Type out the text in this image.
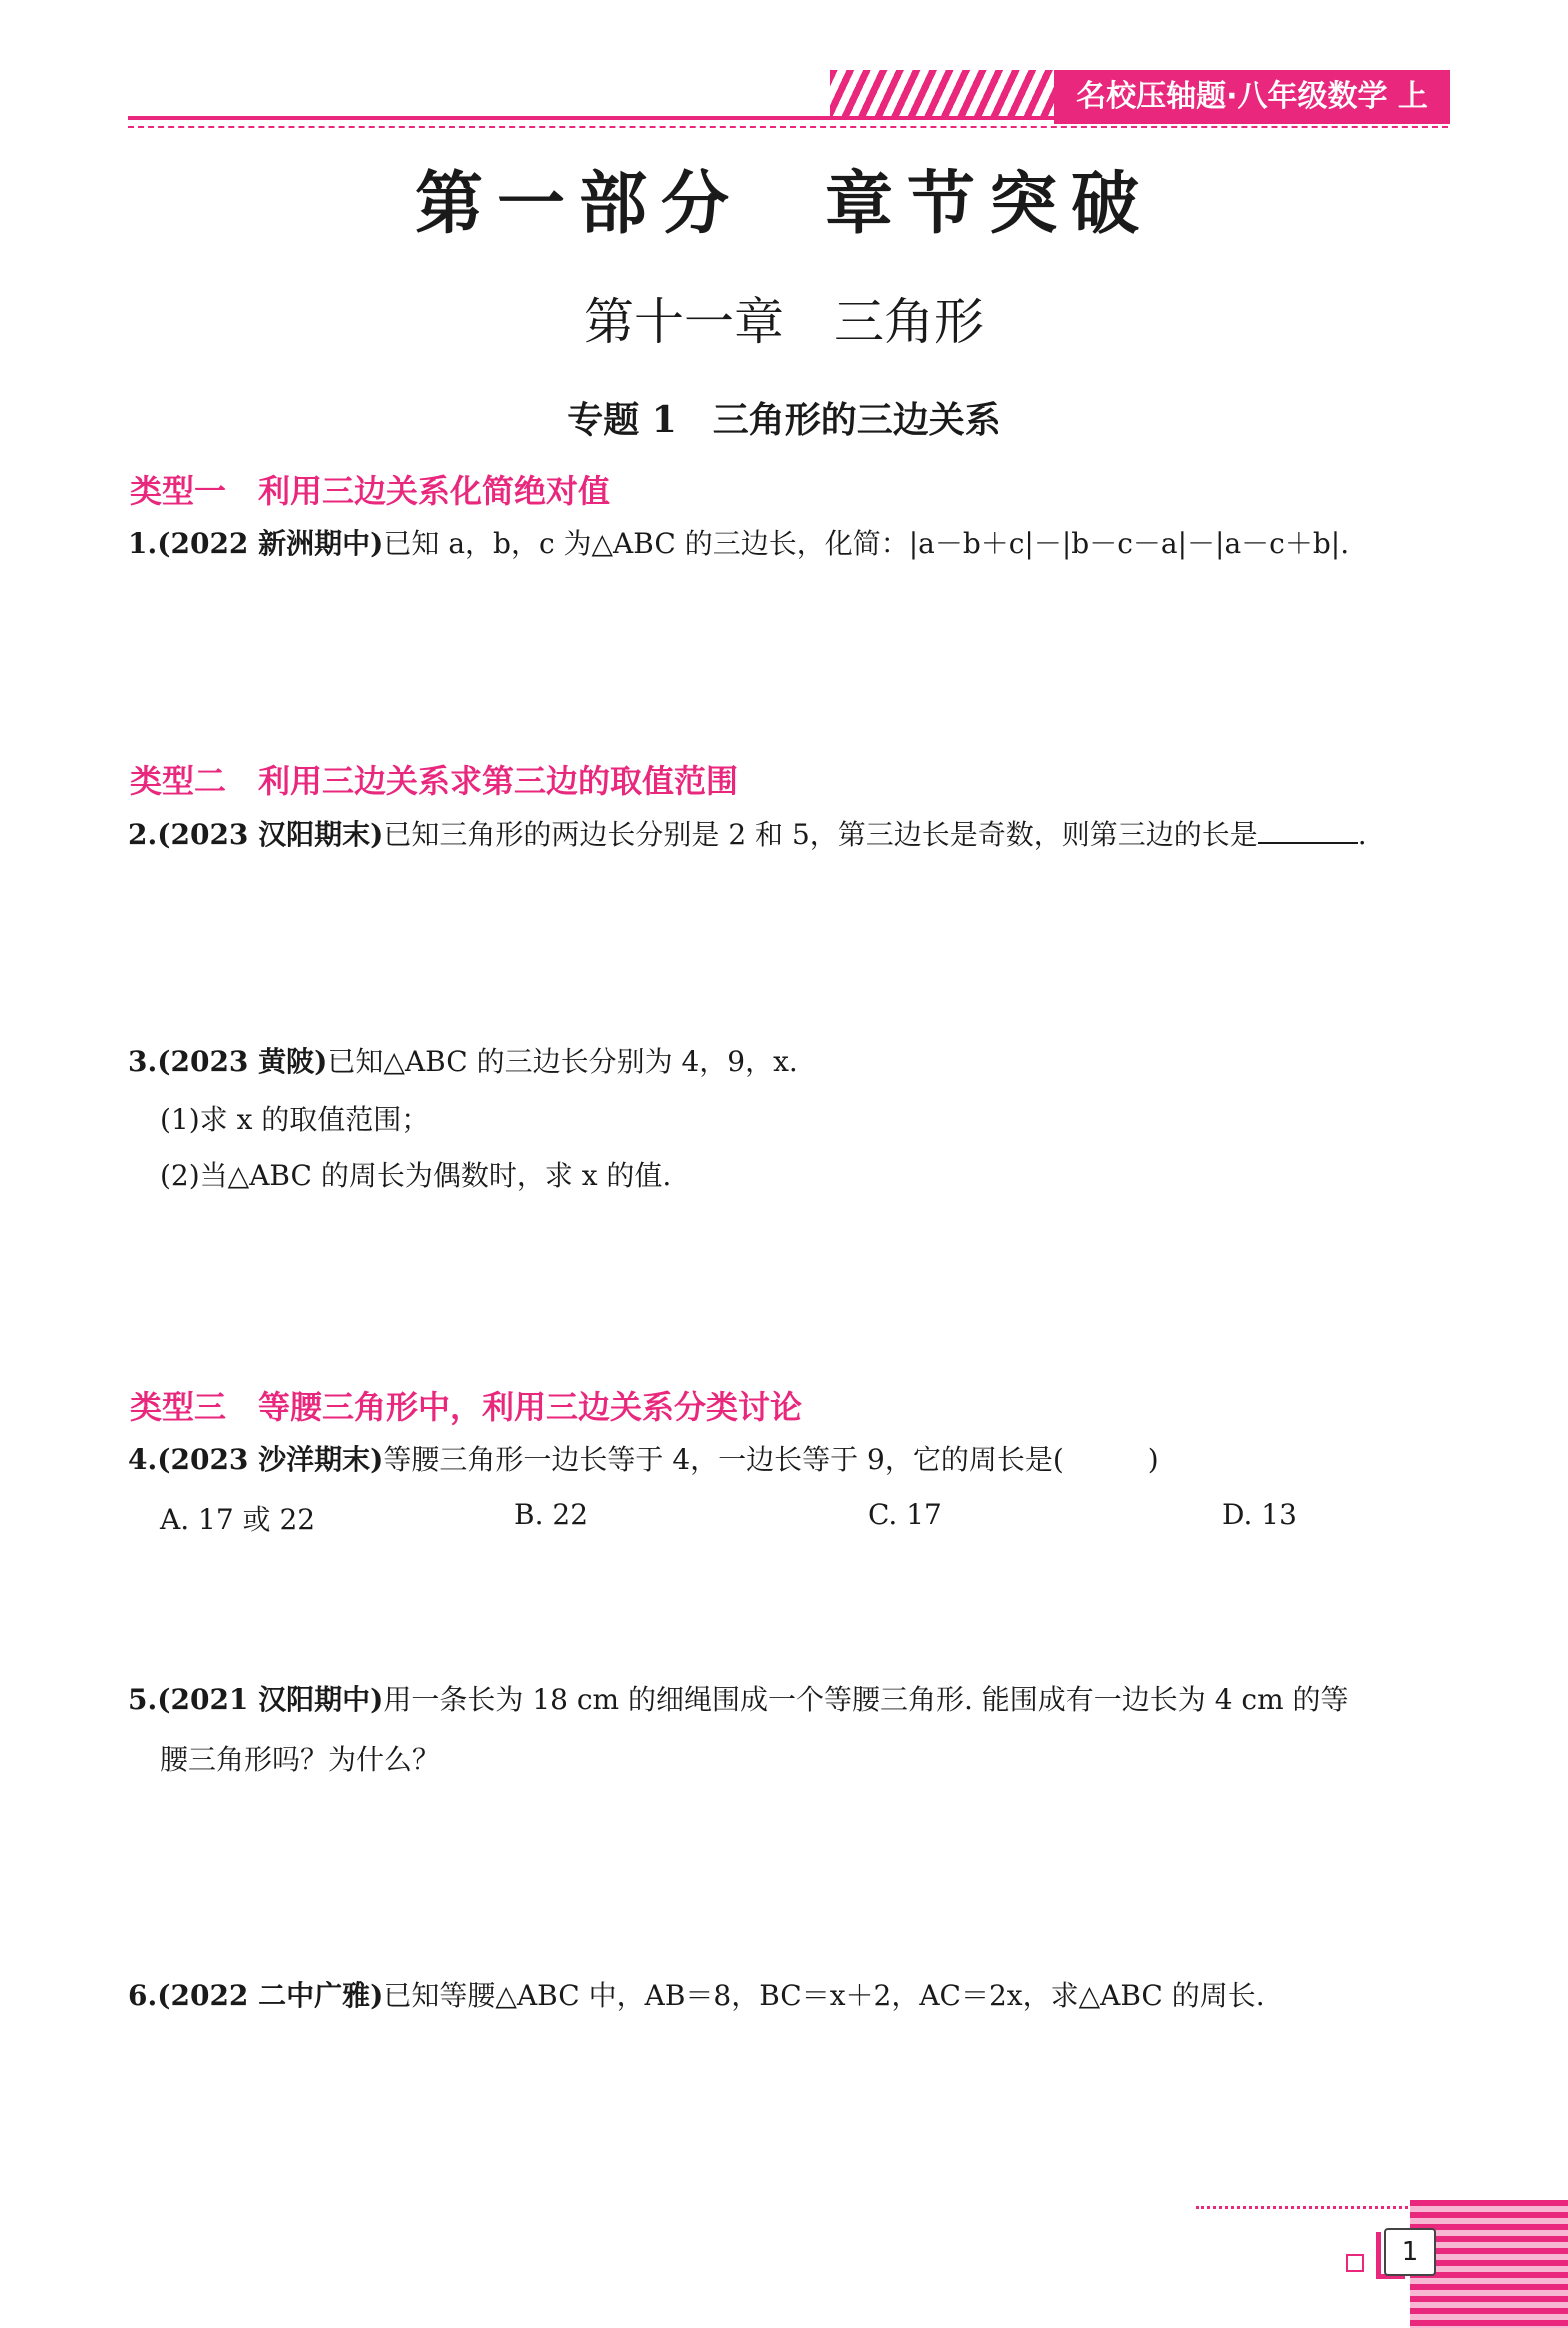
名校压轴题·八年级数学 上
第一部分　章节突破
第十一章　三角形
专题 1　三角形的三边关系
类型一　利用三边关系化简绝对值
1.(2022 新洲期中)已知 a，b，c 为△ABC 的三边长，化简：|a－b＋c|－|b－c－a|－|a－c＋b|.
类型二　利用三边关系求第三边的取值范围
2.(2023 汉阳期末)已知三角形的两边长分别是 2 和 5，第三边长是奇数，则第三边的长是	.
3.(2023 黄陂)已知△ABC 的三边长分别为 4，9，x.
(1)求 x 的取值范围；
(2)当△ABC 的周长为偶数时，求 x 的值.
类型三　等腰三角形中，利用三边关系分类讨论
4.(2023 沙洋期末)等腰三角形一边长等于 4，一边长等于 9，它的周长是(　　　)
A. 17 或 22	B. 22	C. 17	D. 13
5.(2021 汉阳期中)用一条长为 18 cm 的细绳围成一个等腰三角形. 能围成有一边长为 4 cm 的等
腰三角形吗？为什么？
6.(2022 二中广雅)已知等腰△ABC 中，AB＝8，BC＝x＋2，AC＝2x，求△ABC 的周长.
1
